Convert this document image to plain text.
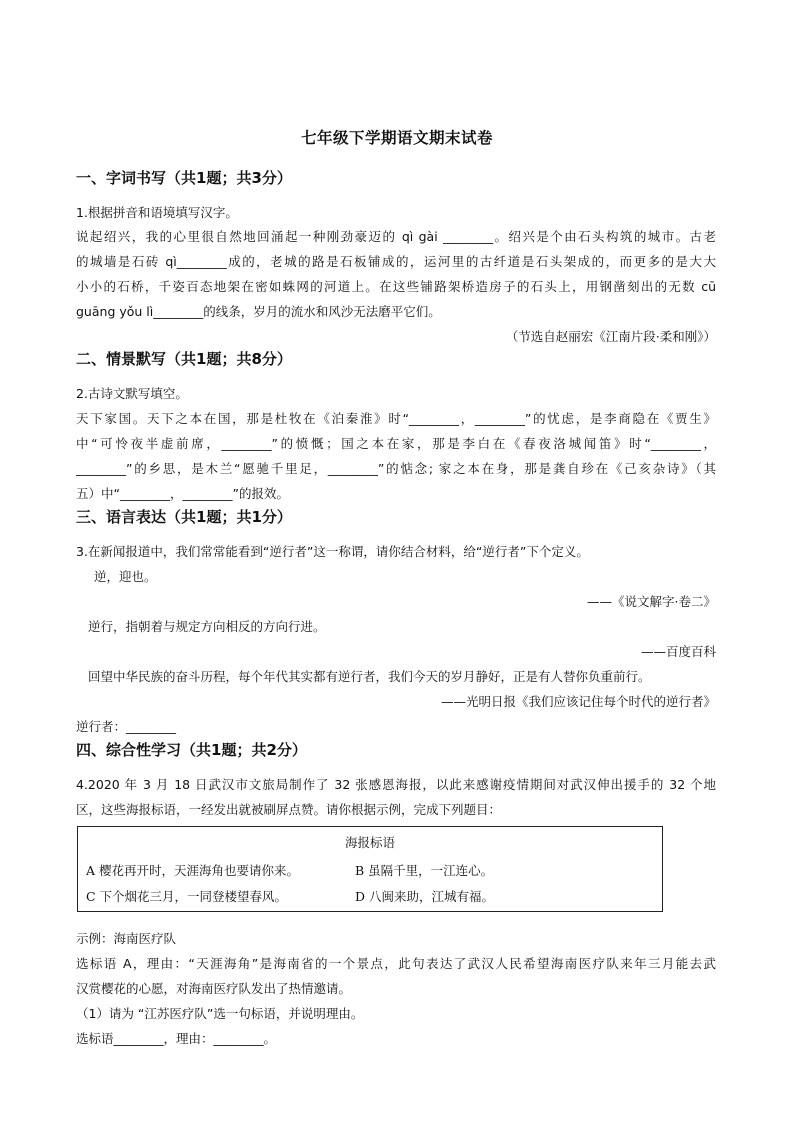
七年级下学期语文期末试卷
一、字词书写（共1题；共3分）
1.根据拼音和语境填写汉字。
说起绍兴，我的心里很自然地回涌起一种刚劲豪迈的 qì gài ________。绍兴是个由石头构筑的城市。古老
的城墙是石砖 qì________成的，老城的路是石板铺成的，运河里的古纤道是石头架成的，而更多的是大大
小小的石桥，千姿百态地架在密如蛛网的河道上。在这些铺路架桥造房子的石头上，用钢凿刻出的无数 cū
guāng yǒu lì________的线条，岁月的流水和风沙无法磨平它们。
（节选自赵丽宏《江南片段·柔和刚》）
二、情景默写（共1题；共8分）
2.古诗文默写填空。
天下家国。天下之本在国，那是杜牧在《泊秦淮》时“________，________”的忧虑，是李商隐在《贾生》
中“可怜夜半虚前席，________”的愤慨；国之本在家，那是李白在《春夜洛城闻笛》时“________，
________”的乡思，是木兰“愿驰千里足，________”的惦念; 家之本在身，那是龚自珍在《己亥杂诗》（其
五）中“________，________”的报效。
三、语言表达（共1题；共1分）
3.在新闻报道中，我们常常能看到“逆行者”这一称谓，请你结合材料，给“逆行者”下个定义。
逆，迎也。
——《说文解字·卷二》
逆行，指朝着与规定方向相反的方向行进。
——百度百科
回望中华民族的奋斗历程，每个年代其实都有逆行者，我们今天的岁月静好，正是有人替你负重前行。
——光明日报《我们应该记住每个时代的逆行者》
逆行者：________
四、综合性学习（共1题；共2分）
4.2020 年 3 月 18 日武汉市文旅局制作了 32 张感恩海报，以此来感谢疫情期间对武汉伸出援手的 32 个地
区，这些海报标语，一经发出就被刷屏点赞。请你根据示例，完成下列题目：
海报标语
A 樱花再开时，天涯海角也要请你来。	B 虽隔千里，一江连心。
C 下个烟花三月，一同登楼望春风。	D 八闽来助，江城有福。
示例：海南医疗队
选标语 A，理由：“天涯海角”是海南省的一个景点，此句表达了武汉人民希望海南医疗队来年三月能去武
汉赏樱花的心愿，对海南医疗队发出了热情邀请。
（1）请为 “江苏医疗队”选一句标语，并说明理由。
选标语________，理由：________。
